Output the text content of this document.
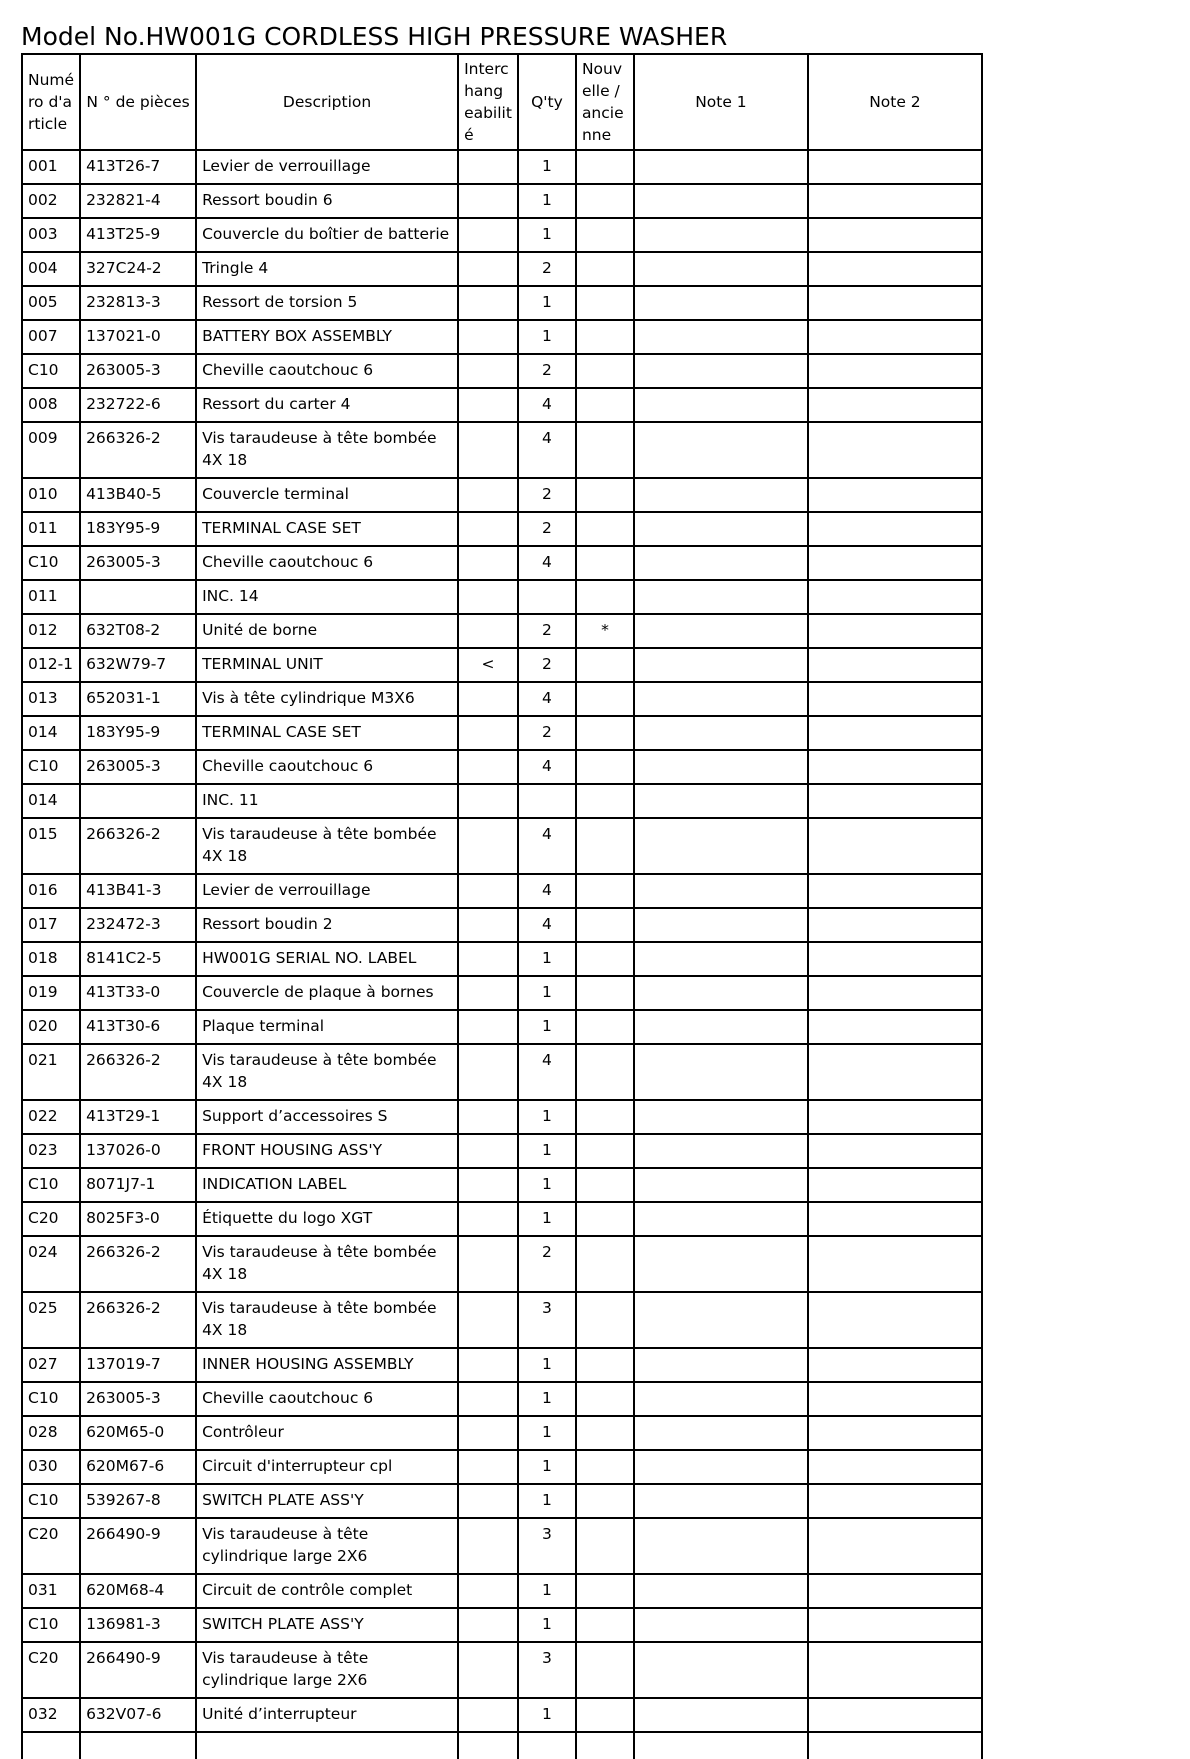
Model No.HW001G CORDLESS HIGH PRESSURE WASHER
Numé
ro d'a
rticle	N ° de pièces	Description	Interc
hang
eabilit
é	Q'ty	Nouv
elle /
ancie
nne	Note 1	Note 2
001	413T26-7	Levier de verrouillage		1			
002	232821-4	Ressort boudin 6		1			
003	413T25-9	Couvercle du boîtier de batterie		1			
004	327C24-2	Tringle 4		2			
005	232813-3	Ressort de torsion 5		1			
007	137021-0	BATTERY BOX ASSEMBLY		1			
C10	263005-3	Cheville caoutchouc 6		2			
008	232722-6	Ressort du carter 4		4			
009	266326-2	Vis taraudeuse à tête bombée 4X 18		4			
010	413B40-5	Couvercle terminal		2			
011	183Y95-9	TERMINAL CASE SET		2			
C10	263005-3	Cheville caoutchouc 6		4			
011		INC. 14					
012	632T08-2	Unité de borne		2	*		
012-1	632W79-7	TERMINAL UNIT	<	2			
013	652031-1	Vis à tête cylindrique M3X6		4			
014	183Y95-9	TERMINAL CASE SET		2			
C10	263005-3	Cheville caoutchouc 6		4			
014		INC. 11					
015	266326-2	Vis taraudeuse à tête bombée 4X 18		4			
016	413B41-3	Levier de verrouillage		4			
017	232472-3	Ressort boudin 2		4			
018	8141C2-5	HW001G SERIAL NO. LABEL		1			
019	413T33-0	Couvercle de plaque à bornes		1			
020	413T30-6	Plaque terminal		1			
021	266326-2	Vis taraudeuse à tête bombée 4X 18		4			
022	413T29-1	Support d’accessoires S		1			
023	137026-0	FRONT HOUSING ASS'Y		1			
C10	8071J7-1	INDICATION LABEL		1			
C20	8025F3-0	Étiquette du logo XGT		1			
024	266326-2	Vis taraudeuse à tête bombée 4X 18		2			
025	266326-2	Vis taraudeuse à tête bombée 4X 18		3			
027	137019-7	INNER HOUSING ASSEMBLY		1			
C10	263005-3	Cheville caoutchouc 6		1			
028	620M65-0	Contrôleur		1			
030	620M67-6	Circuit d'interrupteur cpl		1			
C10	539267-8	SWITCH PLATE ASS'Y		1			
C20	266490-9	Vis taraudeuse à tête cylindrique large 2X6		3			
031	620M68-4	Circuit de contrôle complet		1			
C10	136981-3	SWITCH PLATE ASS'Y		1			
C20	266490-9	Vis taraudeuse à tête cylindrique large 2X6		3			
032	632V07-6	Unité d’interrupteur		1			
